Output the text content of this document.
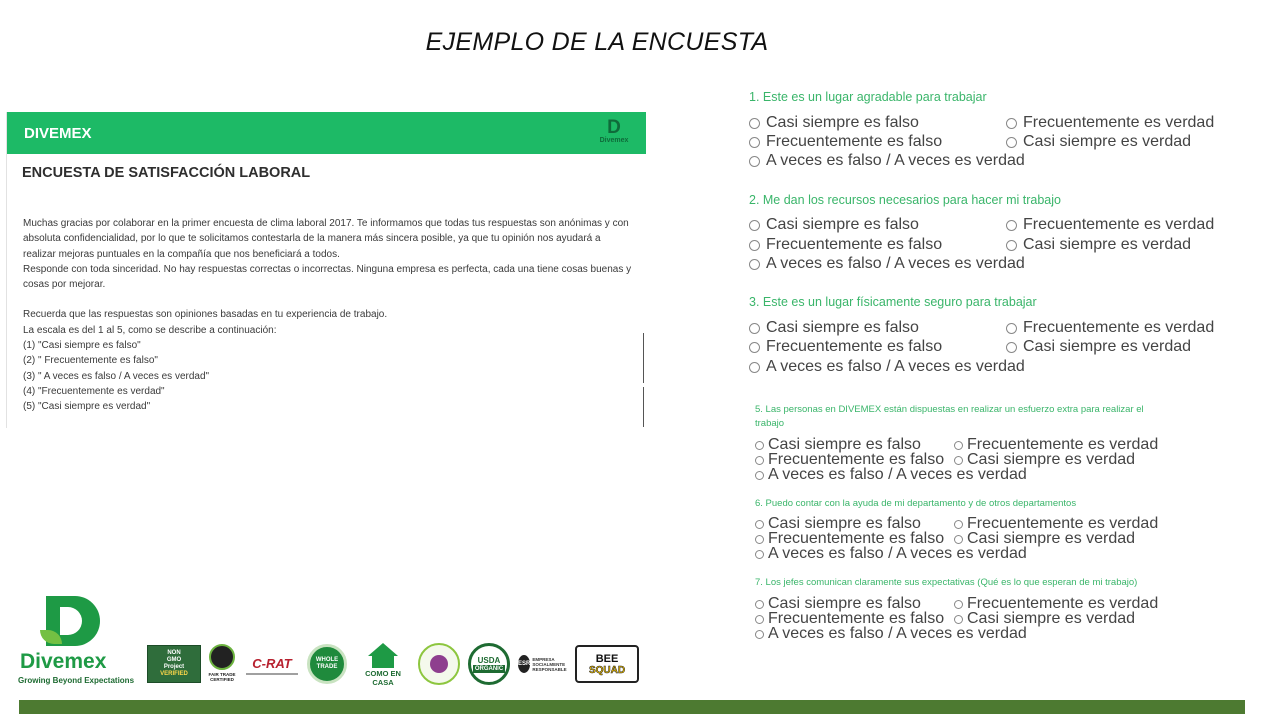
EJEMPLO DE LA ENCUESTA
DIVEMEX	D
Divemex
ENCUESTA DE SATISFACCIÓN LABORAL

Muchas gracias por colaborar en la primer encuesta de clima laboral 2017. Te informamos que todas tus respuestas son anónimas y con absoluta confidencialidad, por lo que te solicitamos contestarla de la manera más sincera posible, ya que tu opinión nos ayudará a realizar mejoras puntuales en la compañía que nos beneficiará a todos.

Responde con toda sinceridad. No hay respuestas correctas o incorrectas. Ninguna empresa es perfecta, cada una tiene cosas buenas y cosas por mejorar.

Recuerda que las respuestas son opiniones basadas en tu experiencia de trabajo.

La escala es del 1 al 5, como se describe a continuación:

(1) "Casi siempre es falso"

(2) " Frecuentemente es falso"

(3) " A veces es falso / A veces es verdad"

(4) "Frecuentemente es verdad"

(5) "Casi siempre es verdad"

1. Este es un lugar agradable para trabajar
Casi siempre es falso
Frecuentemente es falso
A veces es falso / A veces es verdad
Frecuentemente es verdad
Casi siempre es verdad
2. Me dan los recursos necesarios para hacer mi trabajo
Casi siempre es falso
Frecuentemente es falso
A veces es falso / A veces es verdad
Frecuentemente es verdad
Casi siempre es verdad
3. Este es un lugar físicamente seguro para trabajar
Casi siempre es falso
Frecuentemente es falso
A veces es falso / A veces es verdad
Frecuentemente es verdad
Casi siempre es verdad
5. Las personas en DIVEMEX están dispuestas en realizar un esfuerzo extra para realizar el trabajo
Casi siempre es falso
Frecuentemente es falso
A veces es falso / A veces es verdad
Frecuentemente es verdad
Casi siempre es verdad
6. Puedo contar con la ayuda de mi departamento y de otros departamentos
Casi siempre es falso
Frecuentemente es falso
A veces es falso / A veces es verdad
Frecuentemente es verdad
Casi siempre es verdad
7. Los jefes comunican claramente sus expectativas (Qué es lo que esperan de mi trabajo)
Casi siempre es falso
Frecuentemente es falso
A veces es falso / A veces es verdad
Frecuentemente es verdad
Casi siempre es verdad
Divemex
Growing Beyond Expectations
NON
GMO
Project
VERIFIED	FAIR TRADE CERTIFIED
C-RAT	WHOLE TRADE
COMO EN CASA
USDA
ORGANIC
ESR
EMPRESA SOCIALMENTE RESPONSABLE
BEE
SQUAD
